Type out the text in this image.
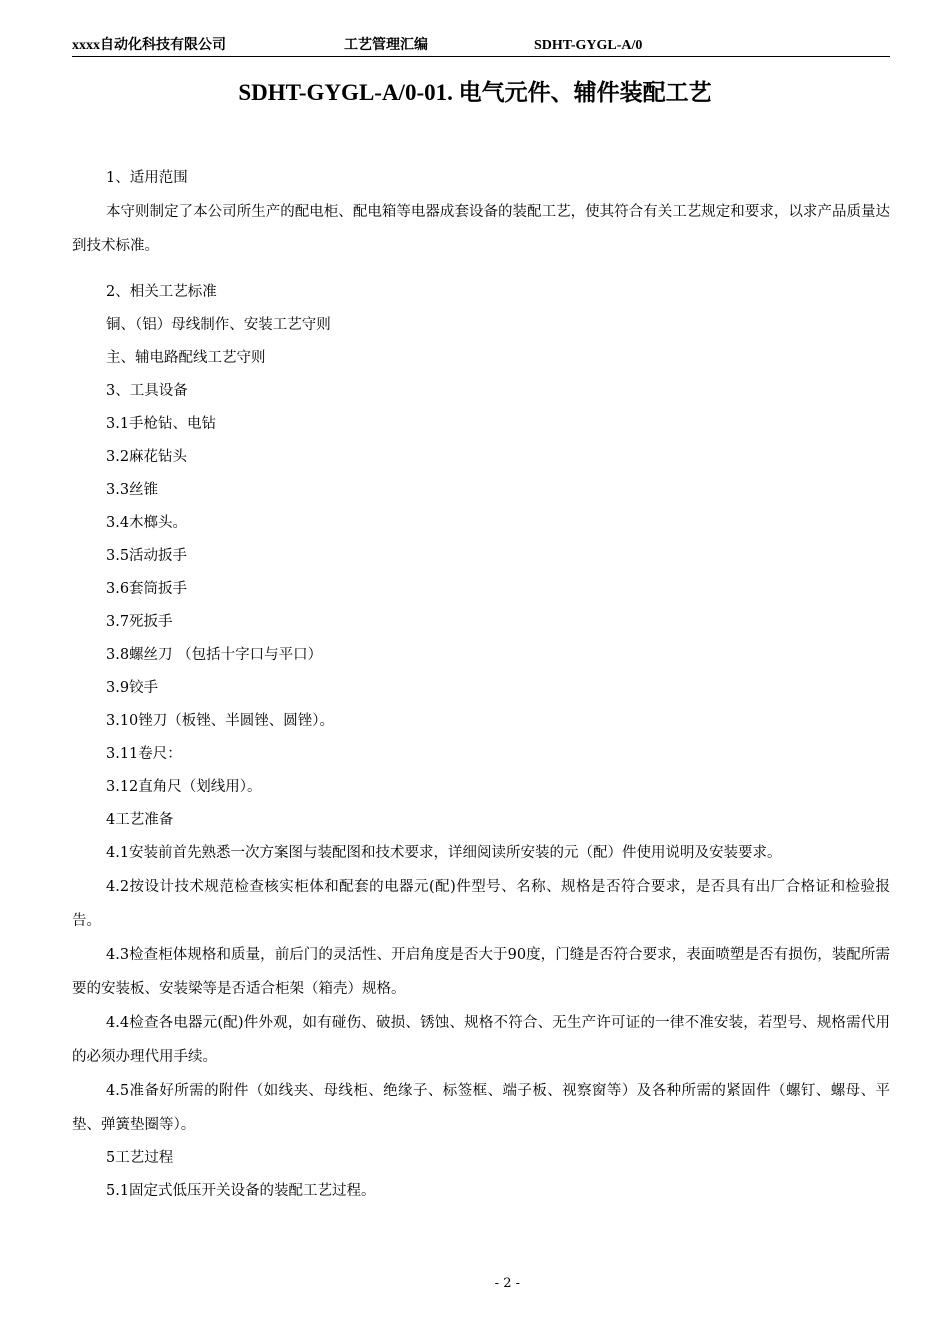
xxxx自动化科技有限公司	工艺管理汇编	SDHT-GYGL-A/0
SDHT-GYGL-A/0-01. 电气元件、辅件装配工艺

1、适用范围

本守则制定了本公司所生产的配电柜、配电箱等电器成套设备的装配工艺，使其符合有关工艺规定和要求，以求产品质量达到技术标准。

2、相关工艺标准

铜、（铝）母线制作、安装工艺守则

主、辅电路配线工艺守则

3、工具设备

3.1手枪钻、电钻

3.2麻花钻头

3.3丝锥

3.4木榔头。

3.5活动扳手

3.6套筒扳手

3.7死扳手

3.8螺丝刀 （包括十字口与平口）

3.9铰手

3.10锉刀（板锉、半圆锉、圆锉）。

3.11卷尺：

3.12直角尺（划线用）。

4工艺准备

4.1安装前首先熟悉一次方案图与装配图和技术要求，详细阅读所安装的元（配）件使用说明及安装要求。

4.2按设计技术规范检查核实柜体和配套的电器元(配)件型号、名称、规格是否符合要求，是否具有出厂合格证和检验报告。

4.3检查柜体规格和质量，前后门的灵活性、开启角度是否大于90度，门缝是否符合要求，表面喷塑是否有损伤，装配所需要的安装板、安装梁等是否适合柜架（箱壳）规格。

4.4检查各电器元(配)件外观，如有碰伤、破损、锈蚀、规格不符合、无生产许可证的一律不准安装，若型号、规格需代用的必须办理代用手续。

4.5准备好所需的附件（如线夹、母线柜、绝缘子、标签框、端子板、视察窗等）及各种所需的紧固件（螺钉、螺母、平垫、弹簧垫圈等）。

5工艺过程

5.1固定式低压开关设备的装配工艺过程。

- 2 -
